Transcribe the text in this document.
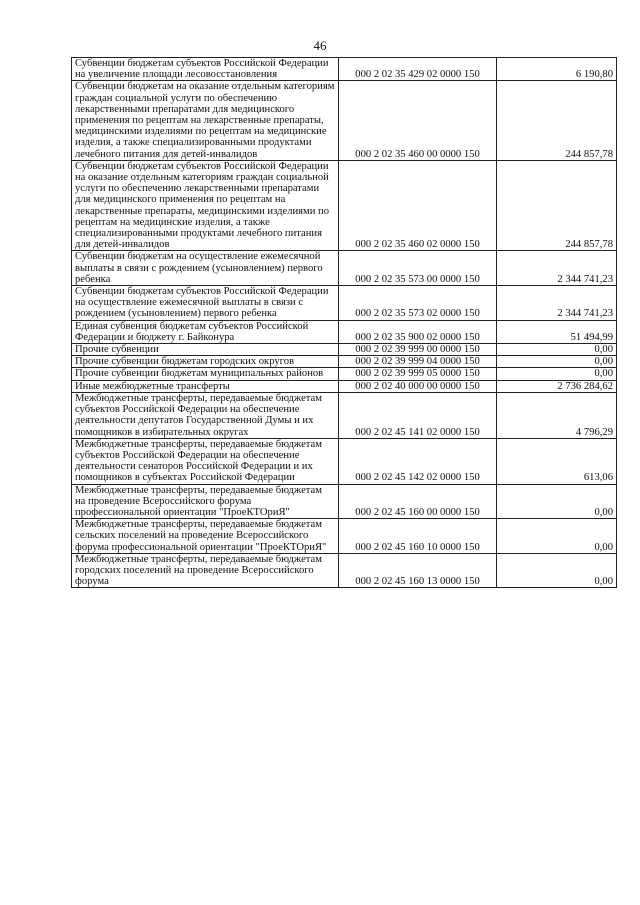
46
Субвенции бюджетам субъектов Российской Федерации на увеличение площади лесовосстановления	000 2 02 35 429 02 0000 150	6 190,80
Субвенции бюджетам на оказание отдельным категориям граждан социальной услуги по обеспечению лекарственными препаратами для медицинского применения по рецептам на лекарственные препараты, медицинскими изделиями по рецептам на медицинские изделия, а также специализированными продуктами лечебного питания для детей-инвалидов	000 2 02 35 460 00 0000 150	244 857,78
Субвенции бюджетам субъектов Российской Федерации на оказание отдельным категориям граждан социальной услуги по обеспечению лекарственными препаратами для медицинского применения по рецептам на лекарственные препараты, медицинскими изделиями по рецептам на медицинские изделия, а также специализированными продуктами лечебного питания для детей-инвалидов	000 2 02 35 460 02 0000 150	244 857,78
Субвенции бюджетам на осуществление ежемесячной выплаты в связи с рождением (усыновлением) первого ребенка	000 2 02 35 573 00 0000 150	2 344 741,23
Субвенции бюджетам субъектов Российской Федерации на осуществление ежемесячной выплаты в связи с рождением (усыновлением) первого ребенка	000 2 02 35 573 02 0000 150	2 344 741,23
Единая субвенция бюджетам субъектов Российской Федерации и бюджету г. Байконура	000 2 02 35 900 02 0000 150	51 494,99
Прочие субвенции	000 2 02 39 999 00 0000 150	0,00
Прочие субвенции бюджетам городских округов	000 2 02 39 999 04 0000 150	0,00
Прочие субвенции бюджетам муниципальных районов	000 2 02 39 999 05 0000 150	0,00
Иные межбюджетные трансферты	000 2 02 40 000 00 0000 150	2 736 284,62
Межбюджетные трансферты, передаваемые бюджетам субъектов Российской Федерации на обеспечение деятельности депутатов Государственной Думы и их помощников в избирательных округах	000 2 02 45 141 02 0000 150	4 796,29
Межбюджетные трансферты, передаваемые бюджетам субъектов Российской Федерации на обеспечение деятельности сенаторов Российской Федерации и их помощников в субъектах Российской Федерации	000 2 02 45 142 02 0000 150	613,06
Межбюджетные трансферты, передаваемые бюджетам на проведение Всероссийского форума профессиональной ориентации "ПроеКТОриЯ"	000 2 02 45 160 00 0000 150	0,00
Межбюджетные трансферты, передаваемые бюджетам сельских поселений на проведение Всероссийского форума профессиональной ориентации "ПроеКТОриЯ"	000 2 02 45 160 10 0000 150	0,00
Межбюджетные трансферты, передаваемые бюджетам городских поселений на проведение Всероссийского форума	000 2 02 45 160 13 0000 150	0,00
